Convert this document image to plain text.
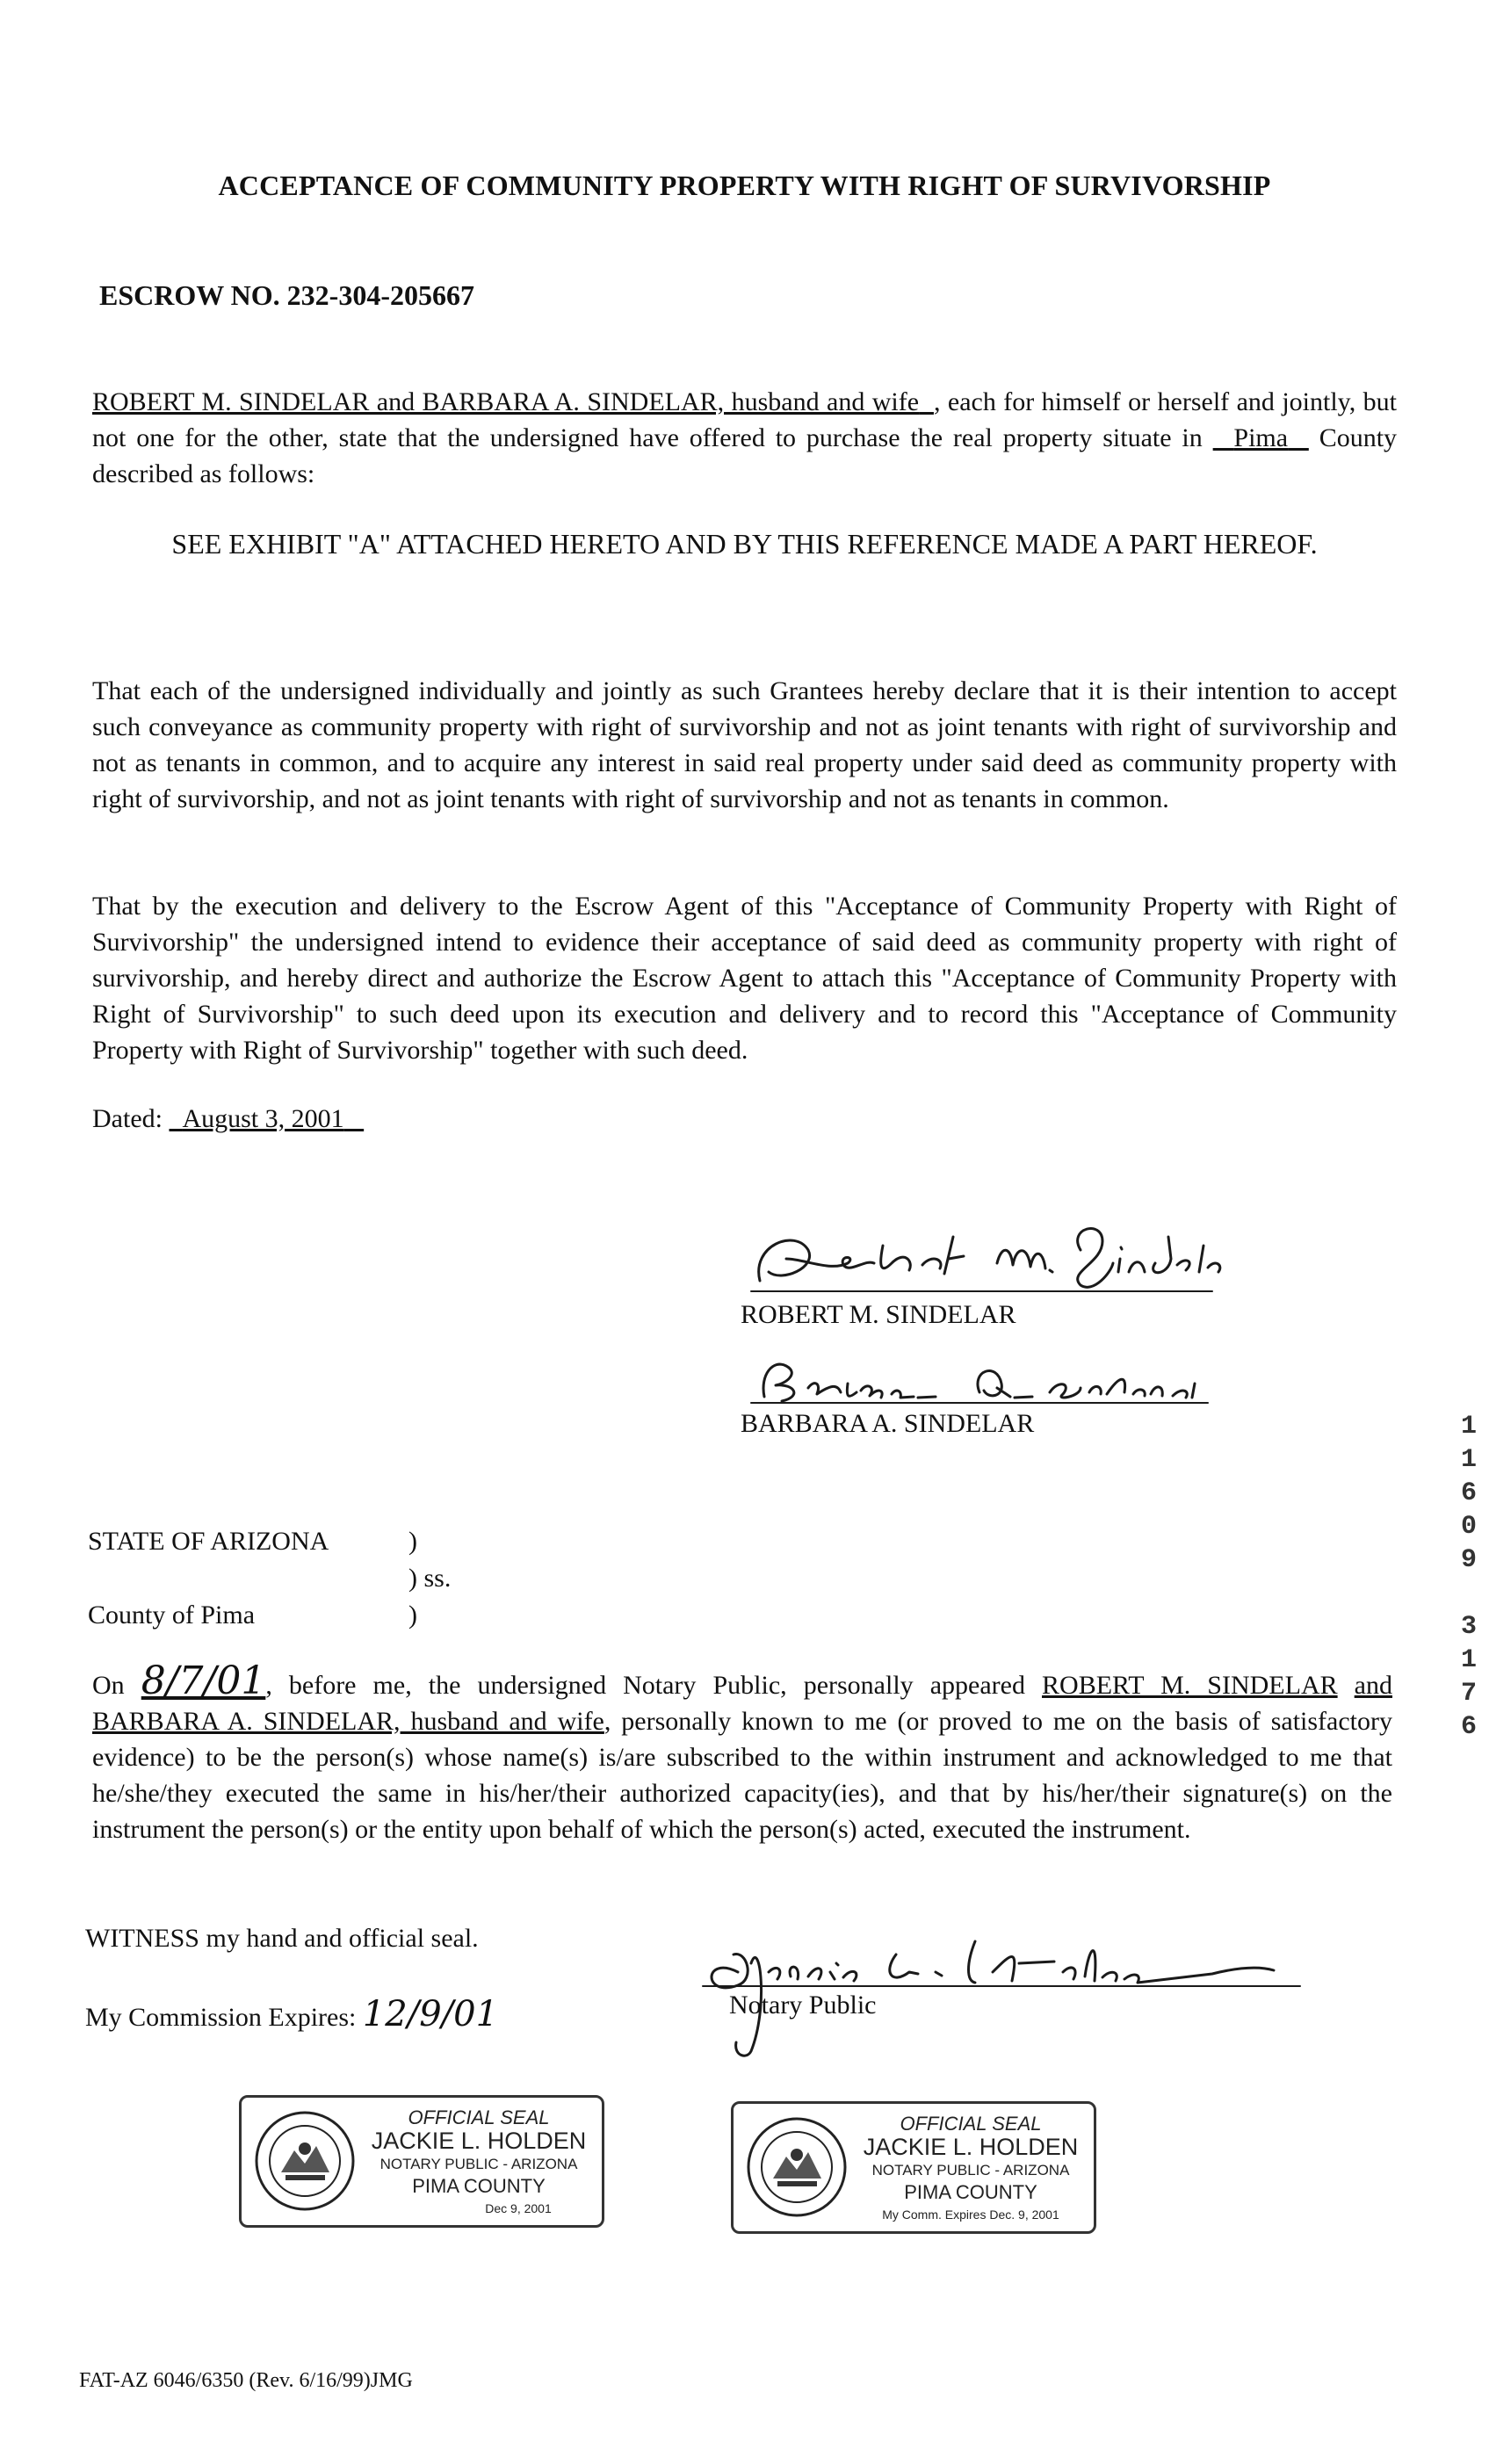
ACCEPTANCE OF COMMUNITY PROPERTY WITH RIGHT OF SURVIVORSHIP
ESCROW NO. 232-304-205667
ROBERT M. SINDELAR and BARBARA A. SINDELAR, husband and wife , each for himself or herself and jointly, but not one for the other, state that the undersigned have offered to purchase the real property situate in Pima County described as follows:
SEE EXHIBIT "A" ATTACHED HERETO AND BY THIS REFERENCE MADE A PART HEREOF.
That each of the undersigned individually and jointly as such Grantees hereby declare that it is their intention to accept such conveyance as community property with right of survivorship and not as joint tenants with right of survivorship and not as tenants in common, and to acquire any interest in said real property under said deed as community property with right of survivorship, and not as joint tenants with right of survivorship and not as tenants in common.
That by the execution and delivery to the Escrow Agent of this "Acceptance of Community Property with Right of Survivorship" the undersigned intend to evidence their acceptance of said deed as community property with right of survivorship, and hereby direct and authorize the Escrow Agent to attach this "Acceptance of Community Property with Right of Survivorship" to such deed upon its execution and delivery and to record this "Acceptance of Community Property with Right of Survivorship" together with such deed.
Dated: August 3, 2001
ROBERT M. SINDELAR
BARBARA A. SINDELAR
STATE OF ARIZONA	)
) ss.
County of Pima	)
On 8/7/01, before me, the undersigned Notary Public, personally appeared ROBERT M. SINDELAR and BARBARA A. SINDELAR, husband and wife, personally known to me (or proved to me on the basis of satisfactory evidence) to be the person(s) whose name(s) is/are subscribed to the within instrument and acknowledged to me that he/she/they executed the same in his/her/their authorized capacity(ies), and that by his/her/their signature(s) on the instrument the person(s) or the entity upon behalf of which the person(s) acted, executed the instrument.
WITNESS my hand and official seal.
My Commission Expires: 12/9/01	Notary Public
OFFICIAL SEAL
JACKIE L. HOLDEN
NOTARY PUBLIC - ARIZONA
PIMA COUNTY
Dec 9, 2001
OFFICIAL SEAL
JACKIE L. HOLDEN
NOTARY PUBLIC - ARIZONA
PIMA COUNTY
My Comm. Expires Dec. 9, 2001
1
1
6
0
9
3
1
7
6
FAT-AZ 6046/6350 (Rev. 6/16/99)JMG
